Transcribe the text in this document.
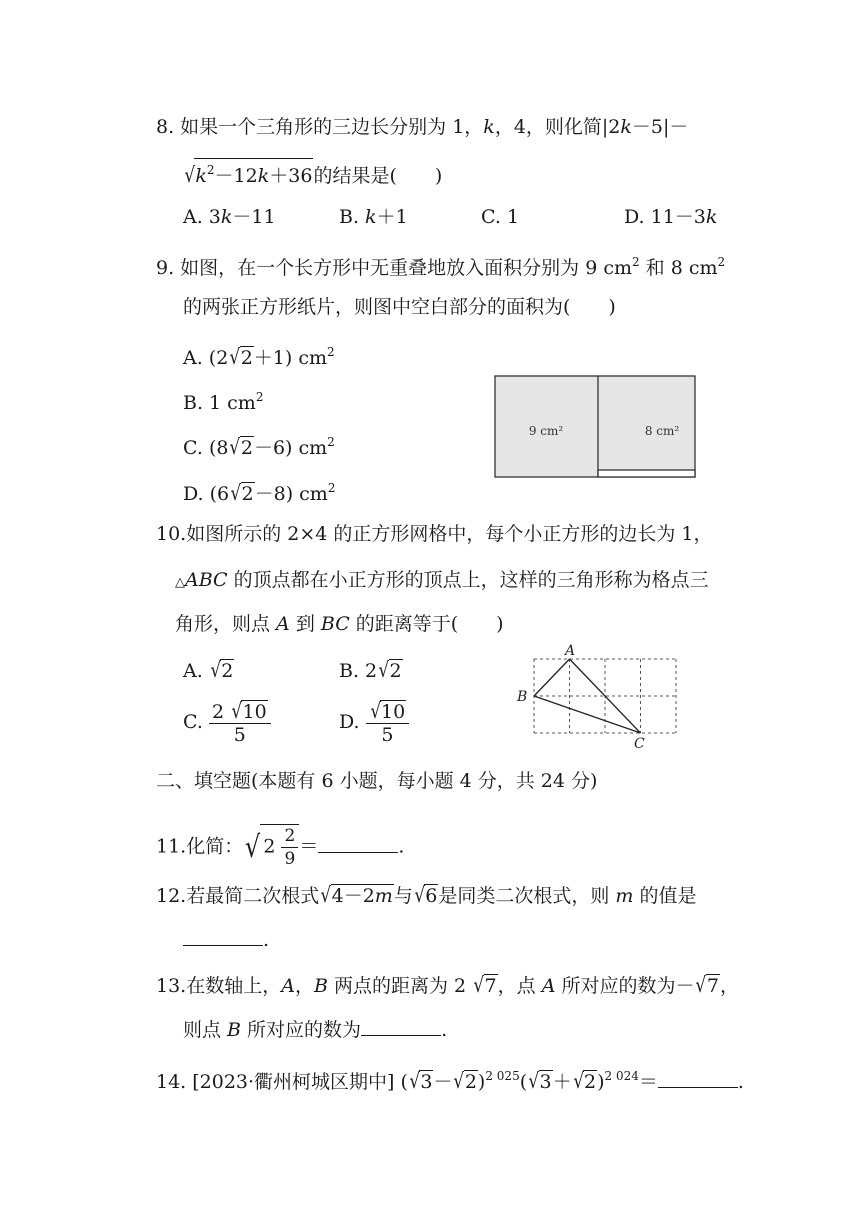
8. 如果一个三角形的三边长分别为 1，k，4，则化简|2k－5|－
$√k^2-12k+36$的结果是(　　)
A. 3k－11	B. k＋1	C. 1	D. 11－3k
9. 如图，在一个长方形中无重叠地放入面积分别为 9 $cm^2$ 和 8 $cm^2$
的两张正方形纸片，则图中空白部分的面积为(　　)
A. (2√2＋1) $cm^2$
B. 1 $cm^2$
C. (8√2－6) $cm^2$
D. (6√2－8) $cm^2$
9 cm²	8 cm²
10.如图所示的 2×4 的正方形网格中，每个小正方形的边长为 1，
△ABC 的顶点都在小正方形的顶点上，这样的三角形称为格点三
角形，则点 A 到 BC 的距离等于(　　)
A. √2	B. 2√2
C. $\frac{2 √10}{5}$	D. $\frac{√10}{5}$
A
B
C
二、填空题(本题有 6 小题，每小题 4 分，共 24 分)
11.化简：√ $2 \frac{2}{9}$ ＝	.
12.若最简二次根式√4－2m与√6是同类二次根式，则 m 的值是
.
13.在数轴上，A，B 两点的距离为 2 √7，点 A 所对应的数为－√7，
则点 B 所对应的数为	.
14. [2023·衢州柯城区期中] $(√3-√2)^{2 025}(√3+√2)^{2 024}=$	.
